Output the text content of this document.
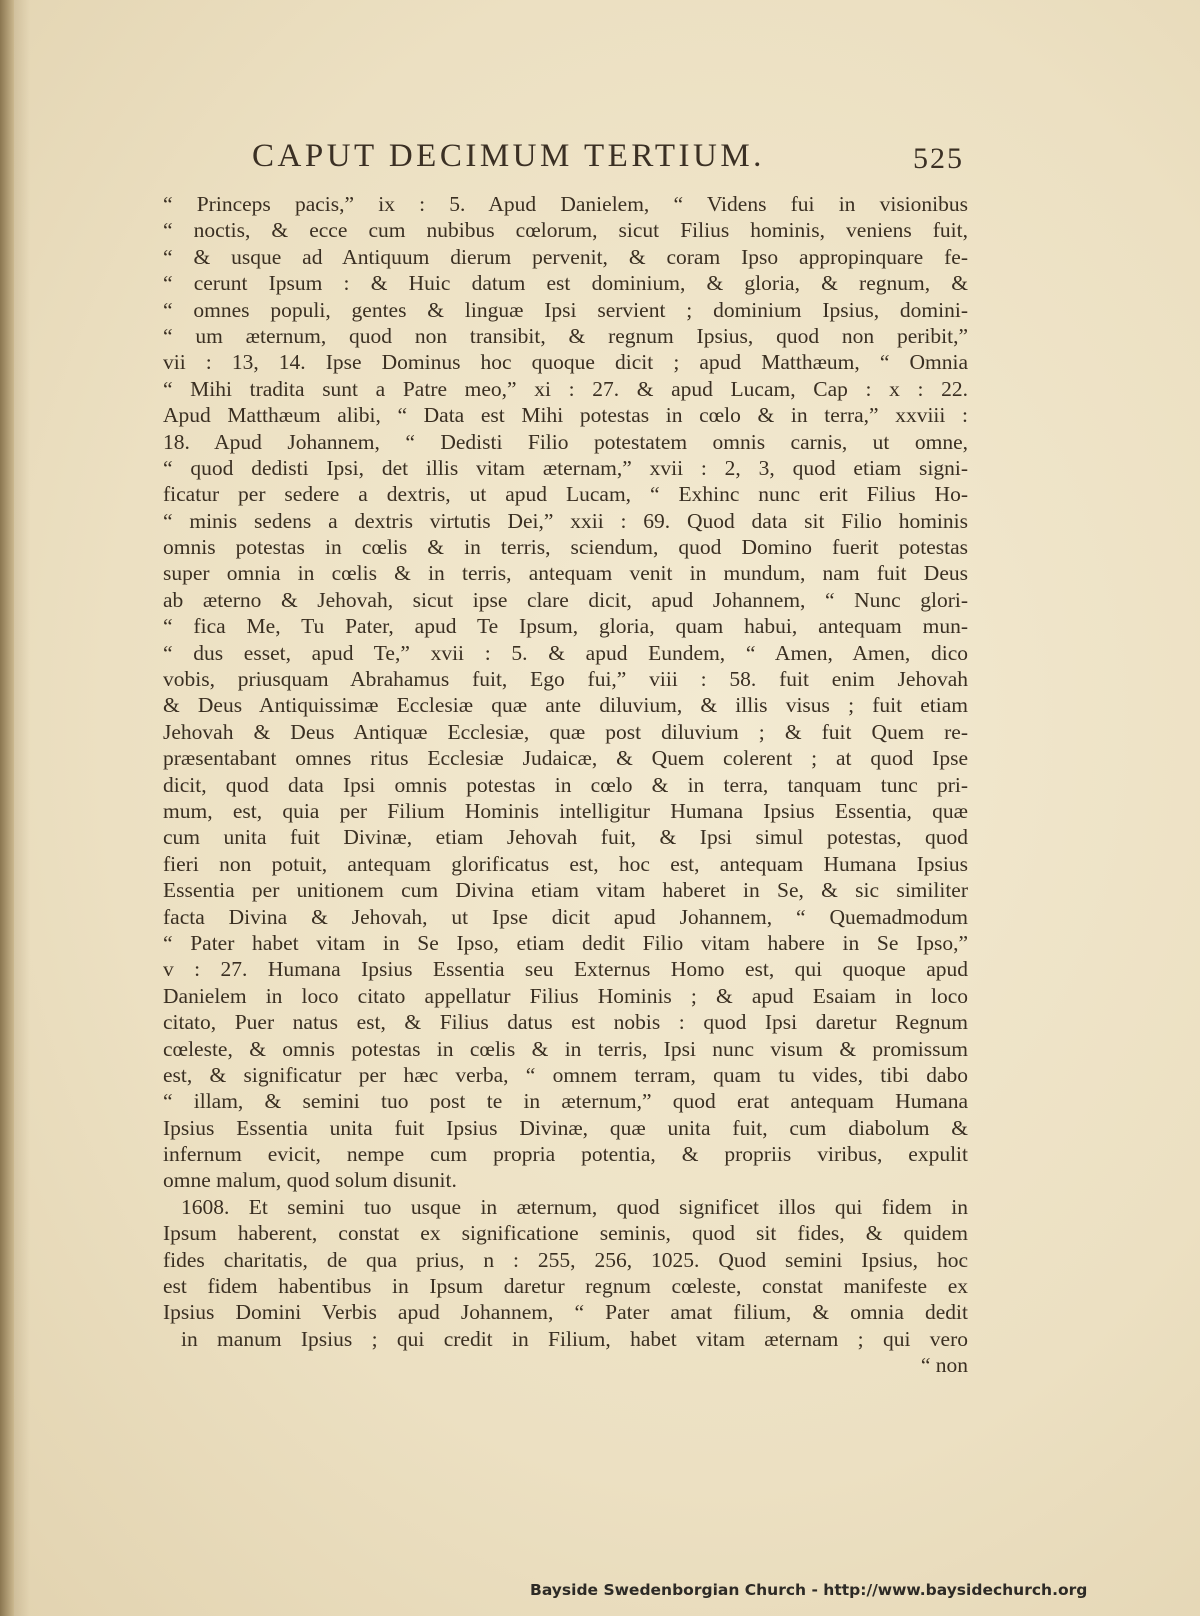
CAPUT DECIMUM TERTIUM.	525
“ Princeps pacis,” ix : 5. Apud Danielem, “ Videns fui in visionibus
“ noctis, & ecce cum nubibus cœlorum, sicut Filius hominis, veniens fuit,
“ & usque ad Antiquum dierum pervenit, & coram Ipso appropinquare fe-
“ cerunt Ipsum : & Huic datum est dominium, & gloria, & regnum, &
“ omnes populi, gentes & linguæ Ipsi servient ; dominium Ipsius, domini-
“ um æternum, quod non transibit, & regnum Ipsius, quod non peribit,”
vii : 13, 14. Ipse Dominus hoc quoque dicit ; apud Matthæum, “ Omnia
“ Mihi tradita sunt a Patre meo,” xi : 27. & apud Lucam, Cap : x : 22.
Apud Matthæum alibi, “ Data est Mihi potestas in cœlo & in terra,” xxviii :
18. Apud Johannem, “ Dedisti Filio potestatem omnis carnis, ut omne,
“ quod dedisti Ipsi, det illis vitam æternam,” xvii : 2, 3, quod etiam signi-
ficatur per sedere a dextris, ut apud Lucam, “ Exhinc nunc erit Filius Ho-
“ minis sedens a dextris virtutis Dei,” xxii : 69. Quod data sit Filio hominis
omnis potestas in cœlis & in terris, sciendum, quod Domino fuerit potestas
super omnia in cœlis & in terris, antequam venit in mundum, nam fuit Deus
ab æterno & Jehovah, sicut ipse clare dicit, apud Johannem, “ Nunc glori-
“ fica Me, Tu Pater, apud Te Ipsum, gloria, quam habui, antequam mun-
“ dus esset, apud Te,” xvii : 5. & apud Eundem, “ Amen, Amen, dico
vobis, priusquam Abrahamus fuit, Ego fui,” viii : 58. fuit enim Jehovah
& Deus Antiquissimæ Ecclesiæ quæ ante diluvium, & illis visus ; fuit etiam
Jehovah & Deus Antiquæ Ecclesiæ, quæ post diluvium ; & fuit Quem re-
præsentabant omnes ritus Ecclesiæ Judaicæ, & Quem colerent ; at quod Ipse
dicit, quod data Ipsi omnis potestas in cœlo & in terra, tanquam tunc pri-
mum, est, quia per Filium Hominis intelligitur Humana Ipsius Essentia, quæ
cum unita fuit Divinæ, etiam Jehovah fuit, & Ipsi simul potestas, quod
fieri non potuit, antequam glorificatus est, hoc est, antequam Humana Ipsius
Essentia per unitionem cum Divina etiam vitam haberet in Se, & sic similiter
facta Divina & Jehovah, ut Ipse dicit apud Johannem, “ Quemadmodum
“ Pater habet vitam in Se Ipso, etiam dedit Filio vitam habere in Se Ipso,”
v : 27. Humana Ipsius Essentia seu Externus Homo est, qui quoque apud
Danielem in loco citato appellatur Filius Hominis ; & apud Esaiam in loco
citato, Puer natus est, & Filius datus est nobis : quod Ipsi daretur Regnum
cœleste, & omnis potestas in cœlis & in terris, Ipsi nunc visum & promissum
est, & significatur per hæc verba, “ omnem terram, quam tu vides, tibi dabo
“ illam, & semini tuo post te in æternum,” quod erat antequam Humana
Ipsius Essentia unita fuit Ipsius Divinæ, quæ unita fuit, cum diabolum &
infernum evicit, nempe cum propria potentia, & propriis viribus, expulit
omne malum, quod solum disunit.
1608. Et semini tuo usque in æternum, quod significet illos qui fidem in
Ipsum haberent, constat ex significatione seminis, quod sit fides, & quidem
fides charitatis, de qua prius, n : 255, 256, 1025. Quod semini Ipsius, hoc
est fidem habentibus in Ipsum daretur regnum cœleste, constat manifeste ex
Ipsius Domini Verbis apud Johannem, “ Pater amat filium, & omnia dedit
in manum Ipsius ; qui credit in Filium, habet vitam æternam ; qui vero
“ non
Bayside Swedenborgian Church - http://www.baysidechurch.org
